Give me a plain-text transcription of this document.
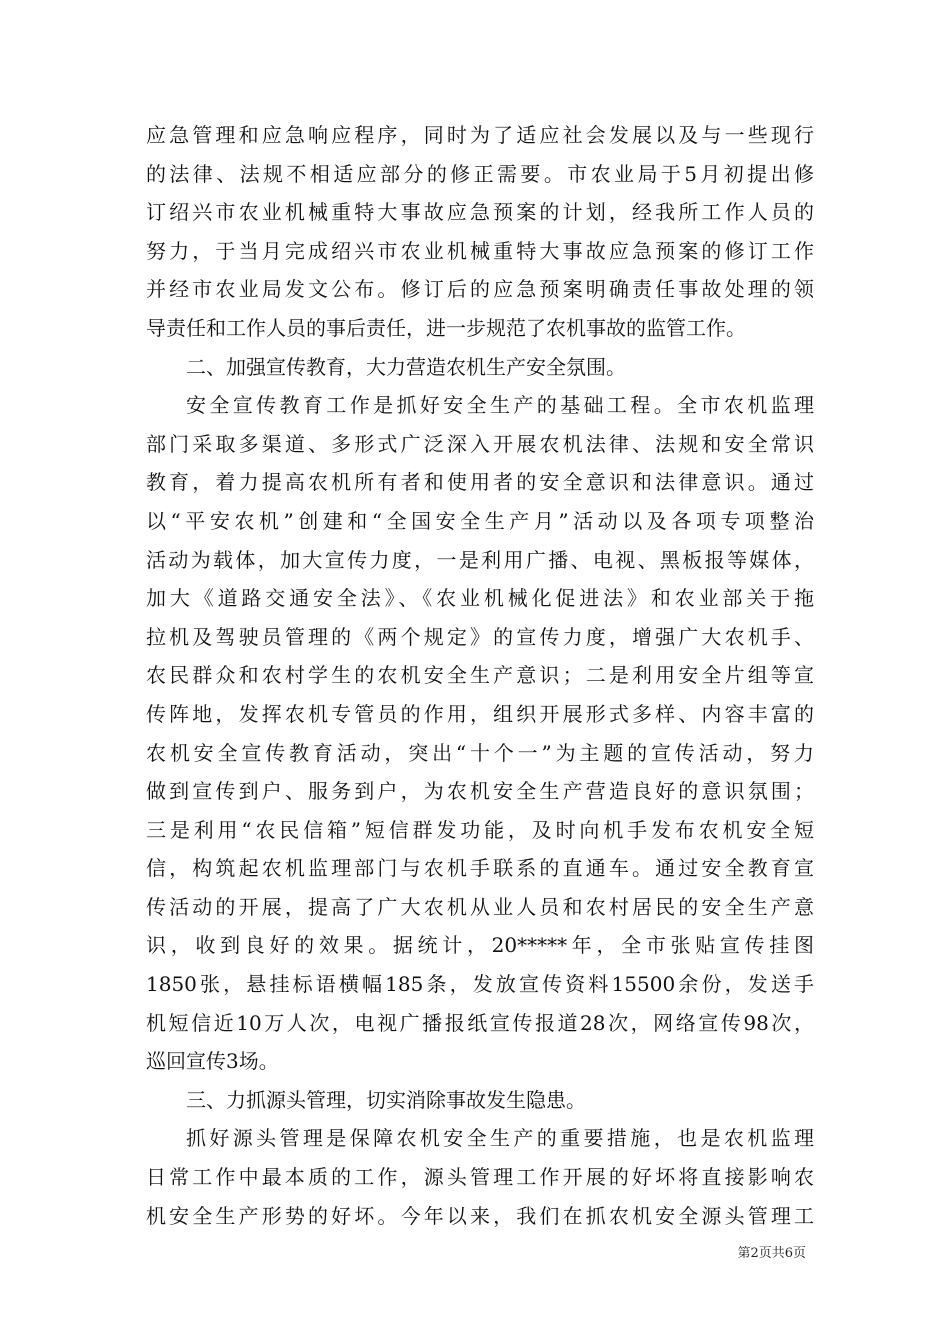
应急管理和应急响应程序，同时为了适应社会发展以及与一些现行
的法律、法规不相适应部分的修正需要。市农业局于5月初提出修
订绍兴市农业机械重特大事故应急预案的计划，经我所工作人员的
努力，于当月完成绍兴市农业机械重特大事故应急预案的修订工作
并经市农业局发文公布。修订后的应急预案明确责任事故处理的领
导责任和工作人员的事后责任，进一步规范了农机事故的监管工作。
二、加强宣传教育，大力营造农机生产安全氛围。
安全宣传教育工作是抓好安全生产的基础工程。全市农机监理
部门采取多渠道、多形式广泛深入开展农机法律、法规和安全常识
教育，着力提高农机所有者和使用者的安全意识和法律意识。通过
以“平安农机”创建和“全国安全生产月”活动以及各项专项整治
活动为载体，加大宣传力度，一是利用广播、电视、黑板报等媒体，
加大《道路交通安全法》、《农业机械化促进法》和农业部关于拖
拉机及驾驶员管理的《两个规定》的宣传力度，增强广大农机手、
农民群众和农村学生的农机安全生产意识；二是利用安全片组等宣
传阵地，发挥农机专管员的作用，组织开展形式多样、内容丰富的
农机安全宣传教育活动，突出“十个一”为主题的宣传活动，努力
做到宣传到户、服务到户，为农机安全生产营造良好的意识氛围；
三是利用“农民信箱”短信群发功能，及时向机手发布农机安全短
信，构筑起农机监理部门与农机手联系的直通车。通过安全教育宣
传活动的开展，提高了广大农机从业人员和农村居民的安全生产意
识，收到良好的效果。据统计，20*****年，全市张贴宣传挂图
1850张，悬挂标语横幅185条，发放宣传资料15500余份，发送手
机短信近10万人次，电视广播报纸宣传报道28次，网络宣传98次，
巡回宣传3场。
三、力抓源头管理，切实消除事故发生隐患。
抓好源头管理是保障农机安全生产的重要措施，也是农机监理
日常工作中最本质的工作，源头管理工作开展的好坏将直接影响农
机安全生产形势的好坏。今年以来，我们在抓农机安全源头管理工
第2页共6页
